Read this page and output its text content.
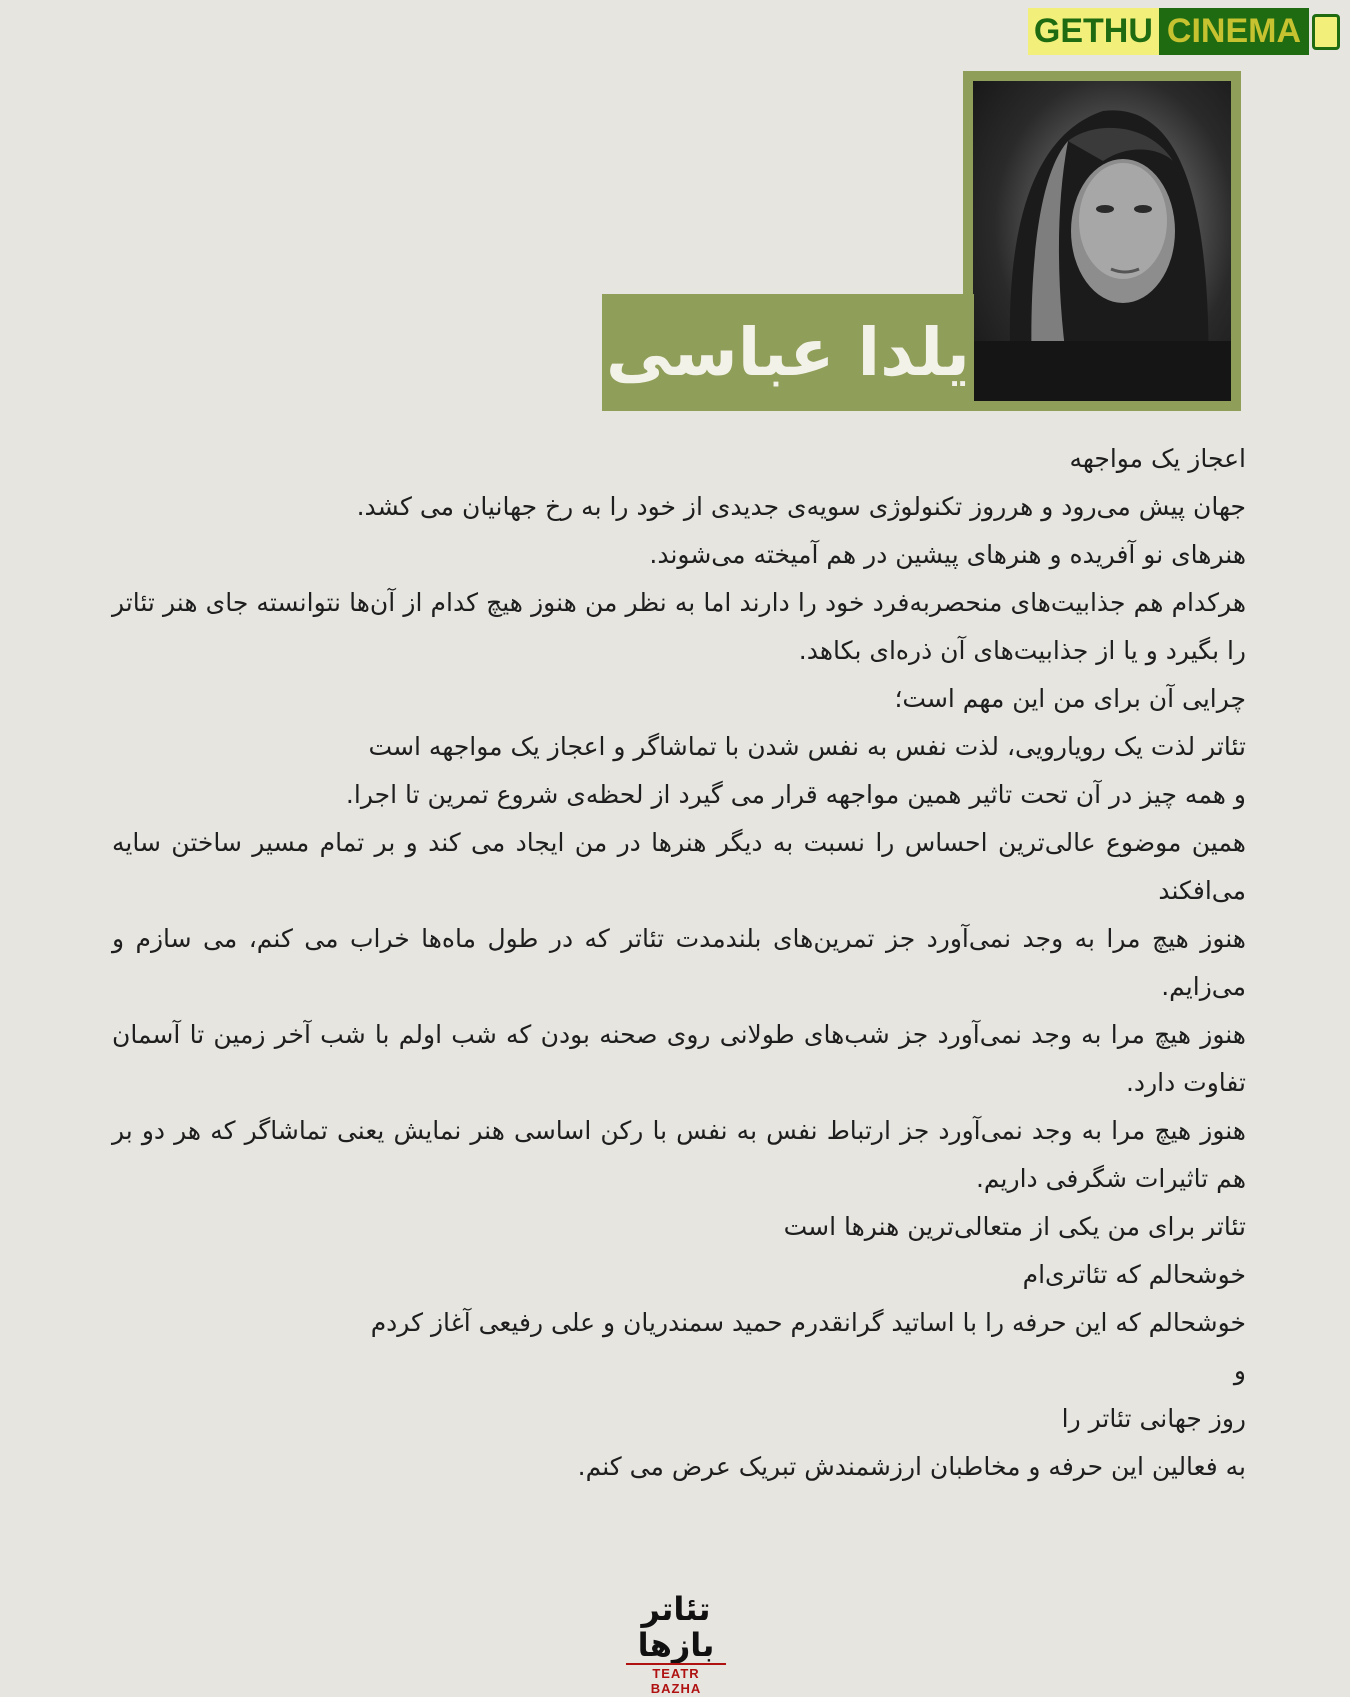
GETHU CINEMA
یلدا عباسی

اعجاز یک مواجهه

جهان پیش می‌رود و هرروز تکنولوژی سویه‌ی جدیدی از خود را به رخ جهانیان می کشد.

هنرهای نو آفریده و هنرهای پیشین در هم آمیخته می‌شوند.

هرکدام هم جذابیت‌های منحصربه‌فرد خود را دارند اما به نظر من هنوز هیچ کدام از آن‌ها نتوانسته جای هنر تئاتر را بگیرد و یا از جذابیت‌های آن ذره‌ای بکاهد.

چرایی آن برای من این مهم است؛

تئاتر لذت یک رویارویی، لذت نفس به نفس شدن با تماشاگر و اعجاز یک مواجهه است

و همه چیز در آن تحت تاثیر همین مواجهه قرار می گیرد از لحظه‌ی شروع تمرین تا اجرا.

همین موضوع عالی‌ترین احساس را نسبت به دیگر هنرها در من ایجاد می کند و بر تمام مسیر ساختن سایه می‌افکند

هنوز هیچ مرا به وجد نمی‌آورد جز تمرین‌های بلندمدت تئاتر که در طول ماه‌ها خراب می کنم، می سازم و می‌زایم.

هنوز هیچ مرا به وجد نمی‌آورد جز شب‌های طولانی روی صحنه بودن که شب اولم با شب آخر زمین تا آسمان تفاوت دارد.

هنوز هیچ مرا به وجد نمی‌آورد جز ارتباط نفس به نفس با رکن اساسی هنر نمایش یعنی تماشاگر که هر دو بر هم تاثیرات شگرفی داریم.

تئاتر برای من یکی از متعالی‌ترین هنرها است

خوشحالم که تئاتری‌ام

خوشحالم که این حرفه را با اساتید گرانقدرم حمید سمندریان و علی رفیعی آغاز کردم

و

روز جهانی تئاتر را

به فعالین این حرفه و مخاطبان ارزشمندش تبریک عرض می کنم.

تئاتر بازها
TEATR BAZHA
